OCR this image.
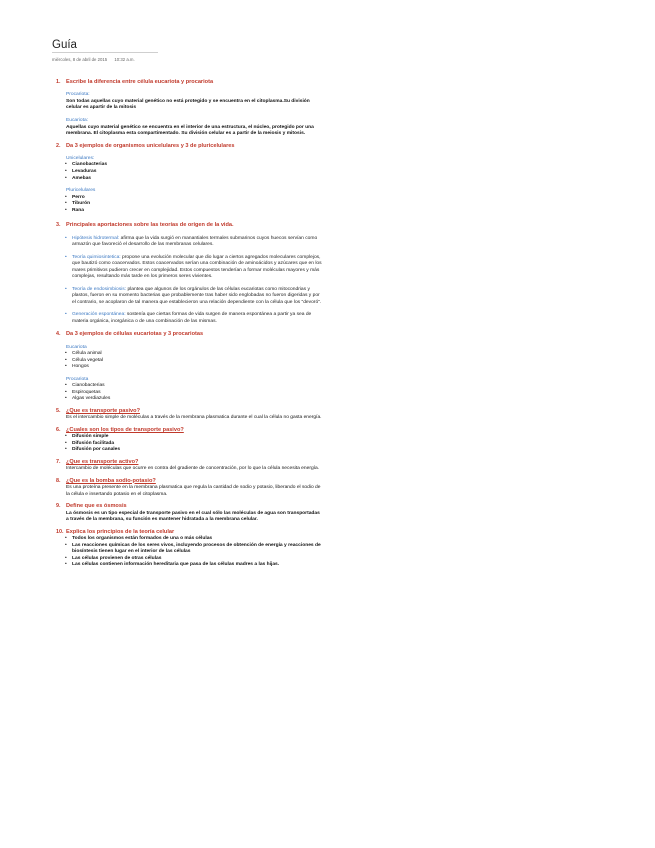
Guía
miércoles, 8 de abril de 2015 10:32 a.m.
1. Escribe la diferencia entre célula eucariota y procariota
Procariota:
Son todas aquellas cuyo material genético no está protegido y se encuentra en el citoplasma.Su división celular es apartir de la mitosis
Eucariota:
Aquellas cuyo material genético se encuentra en el interior de una estructura, el núcleo, protegido por una membrana. El citoplasma esta compartimentado. Su división celular es a partir de la meiosis y mitosis.
2. Da 3 ejemplos de organismos unicelulares y 3 de pluricelulares
Unicelulares:
• Cianobacterias
• Levaduras
• Amebas
Pluricelulares
• Perro
• Tiburón
• Rana
3. Principales aportaciones sobre las teorías de origen de la vida.
• Hipótesis hidrotermal: afirma que la vida surgió en manantiales termales submarinos cuyos huecos servían como armazón que favoreció el desarrollo de las membranas celulares.
• Teoría quimiosintetica: propone una evolución molecular que dio lugar a ciertos agregados moleculares complejos, que bautizó como coacervados. Estos coacervados serían una combinación de aminoácidos y azúcares que en los mares primitivos pudieron crecer en complejidad. Estos compuestos tenderían a formar moléculas mayores y más complejas, resultando más tarde en los primeros seres vivientes.
• Teoría de endosimbiosis: plantea que algunos de los orgánulos de las células eucariotas como mitocondrias y plastos, fueron en su momento bacterias que probablemente tras haber sido englobadas no fueron digeridas y por el contrario, se acoplaron de tal manera que establecieron una relación dependiente con la célula que los "devoró".
• Generación espontánea: sostenía que ciertas formas de vida surgen de manera espontánea a partir ya sea de materia orgánica, inorgánica o de una combinación de las mismas.
4. Da 3 ejemplos de células eucariotas y 3 procariotas
Eucariota
• Célula animal
• Célula vegetal
• Hongos
Procariota
• Cianobacterias
• Espiroquetas
• Algas verdiazules
5. ¿Que es transporte pasivo?
Es el intercambio simple de moléculas a través de la membrana plasmatica durante el cual la célula no gasta energía.
6. ¿Cuales son los tipos de transporte pasivo?
• Difusión simple
• Difusión facilitada
• Difusión por canales
7. ¿Que es transporte activo?
Intercambio de moléculas que ocurre en contra del gradiente de concentración, por lo que la célula necesita energía.
8. ¿Que es la bomba sodio-potasio?
Es una proteína presente en la membrana plasmatica que regula la cantidad de sodio y potasio, liberando el sodio de la célula e insertando potasio en el citoplasma.
9. Define que es ósmosis
La ósmosis es un tipo especial de transporte pasivo en el cual sólo las moléculas de agua son transportadas a través de la membrana, su función es mantener hidratada a la membrana celular.
10. Explica los principios de la teoría celular
• Todos los organismos están formados de una o más células
• Las reacciones químicas de los seres vivos, incluyendo procesos de obtención de energía y reacciones de biosíntesis tienen lugar en el interior de las células
• Las células provienen de otras células
• Las células contienen información hereditaria que pasa de las células madres a las hijas.
